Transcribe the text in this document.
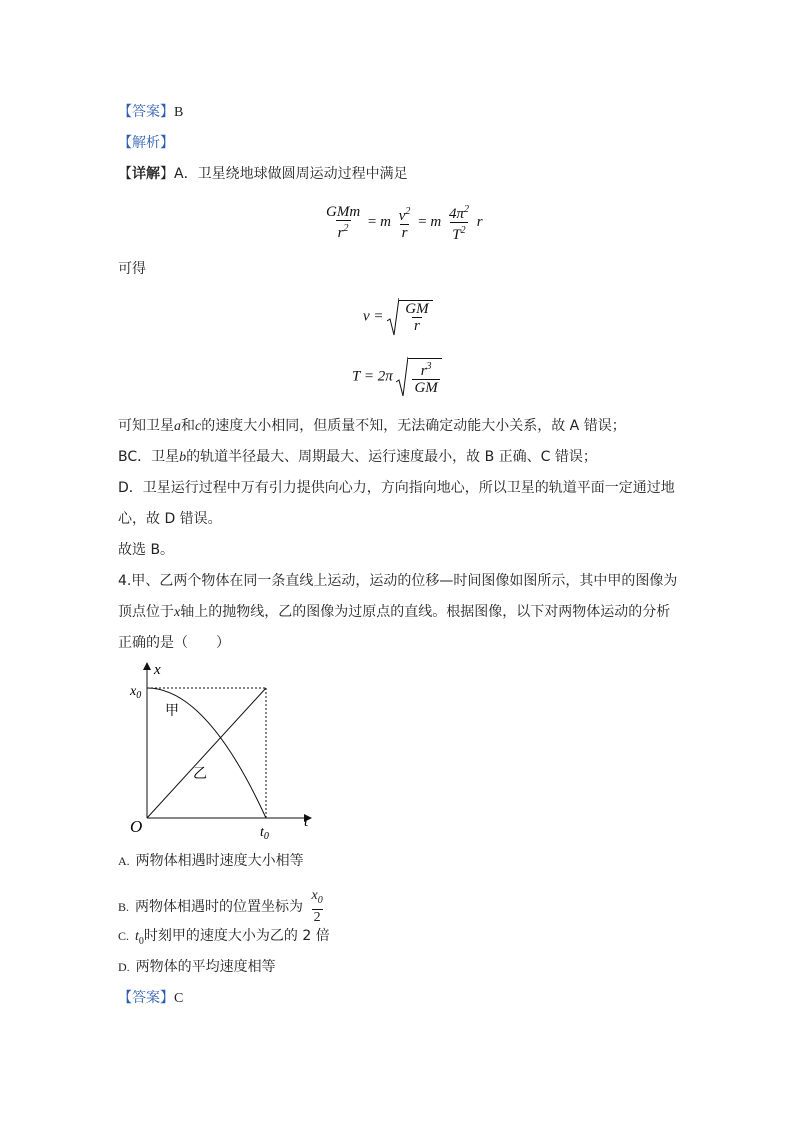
【答案】B
【解析】
【详解】A．卫星绕地球做圆周运动过程中满足
$\frac{\text{GMm}}{r^2} = m \frac{v^2}{r} = m \frac{4\pi^2}{T^2}$ r
可得
$v = \frac{GM}{r}$
$T = 2\pi \frac{r^3}{GM}$
可知卫星a和c的速度大小相同，但质量不知，无法确定动能大小关系，故 A 错误；
BC．卫星b的轨道半径最大、周期最大、运行速度最小，故 B 正确、C 错误；
D．卫星运行过程中万有引力提供向心力，方向指向地心，所以卫星的轨道平面一定通过地
心，故 D 错误。
故选 B。
4.甲、乙两个物体在同一条直线上运动，运动的位移—时间图像如图所示，其中甲的图像为
顶点位于x轴上的抛物线，乙的图像为过原点的直线。根据图像，以下对两物体运动的分析
正确的是（　　）
x
t
O
$x_0$
$t_0$
甲
乙
A. 两物体相遇时速度大小相等
B. 两物体相遇时的位置坐标为 $\frac{x_0}{2}$
C. $t_0$时刻甲的速度大小为乙的 2 倍
D. 两物体的平均速度相等
【答案】C
